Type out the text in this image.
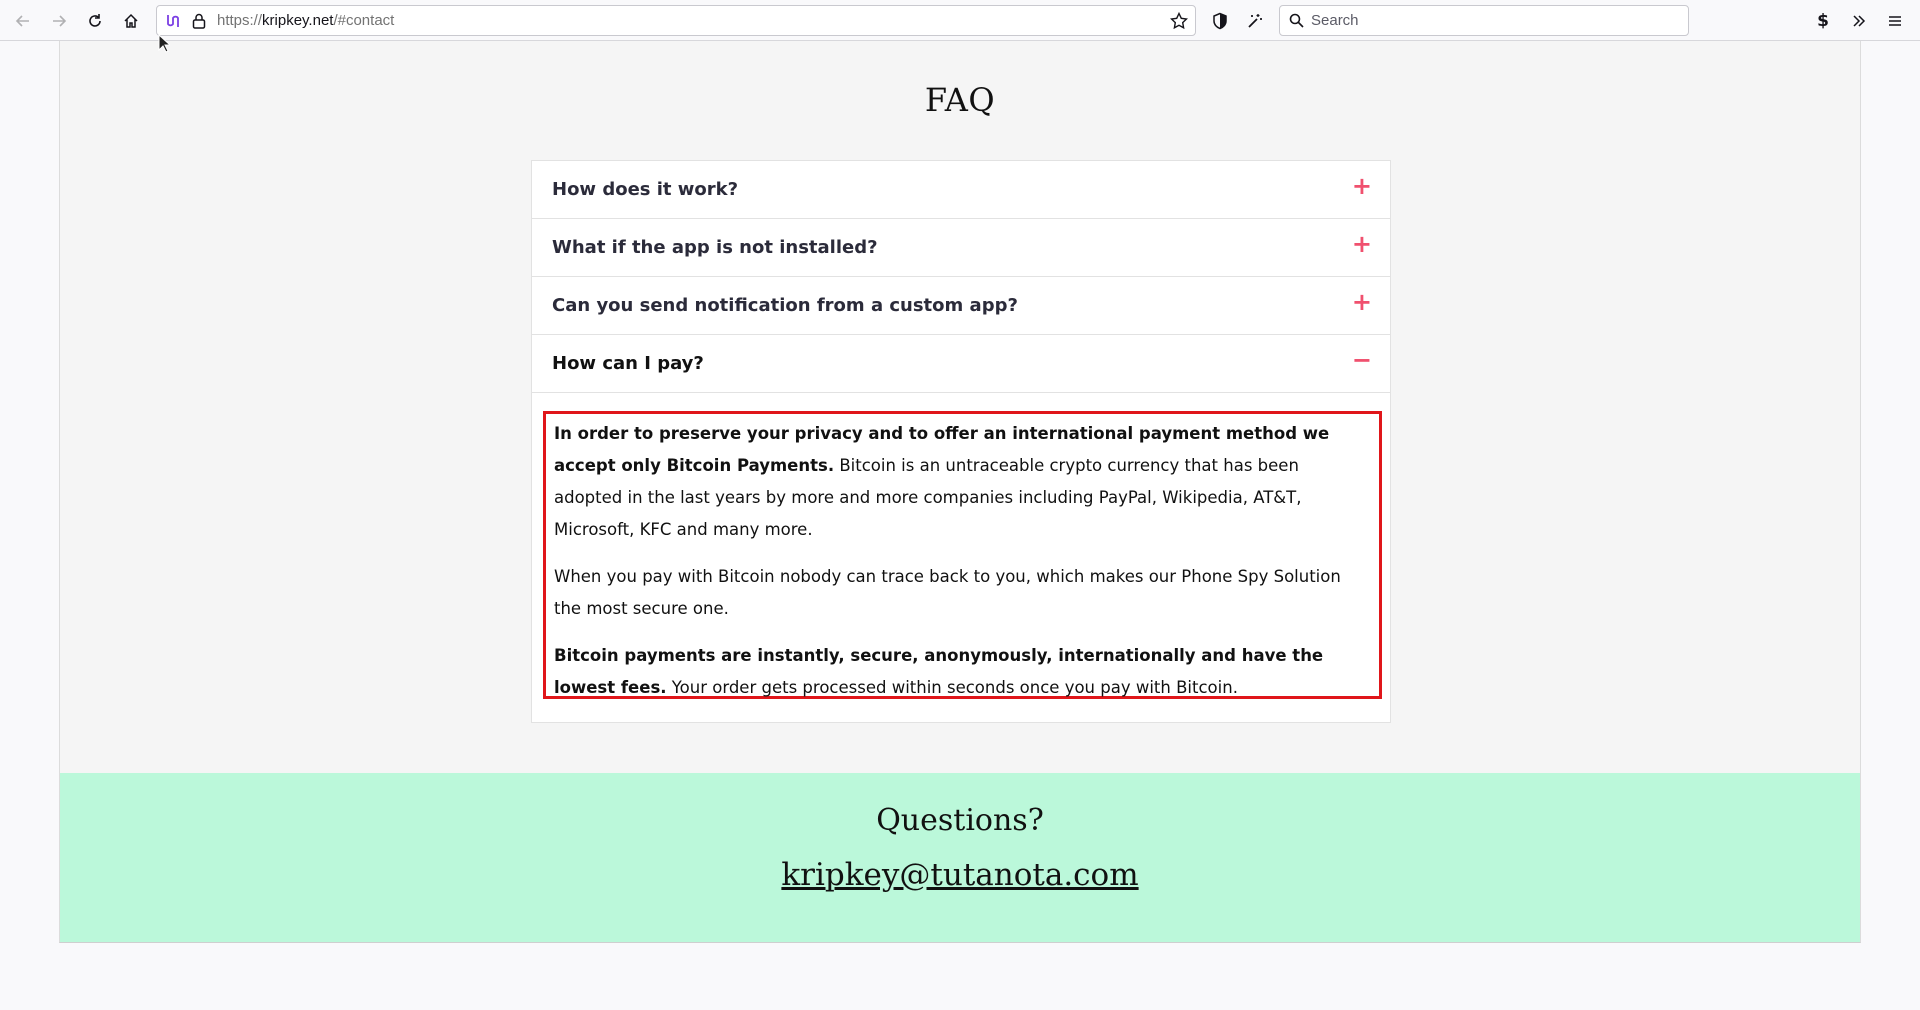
https://kripkey.net/#contact	Search	$
FAQ
How does it work?	+
What if the app is not installed?	+
Can you send notification from a custom app?	+
How can I pay?	−

In order to preserve your privacy and to offer an international payment method we accept only Bitcoin Payments. Bitcoin is an untraceable crypto currency that has been adopted in the last years by more and more companies including PayPal, Wikipedia, AT&T, Microsoft, KFC and many more.

When you pay with Bitcoin nobody can trace back to you, which makes our Phone Spy Solution the most secure one.

Bitcoin payments are instantly, secure, anonymously, internationally and have the lowest fees. Your order gets processed within seconds once you pay with Bitcoin.

Questions?
kripkey@tutanota.com
